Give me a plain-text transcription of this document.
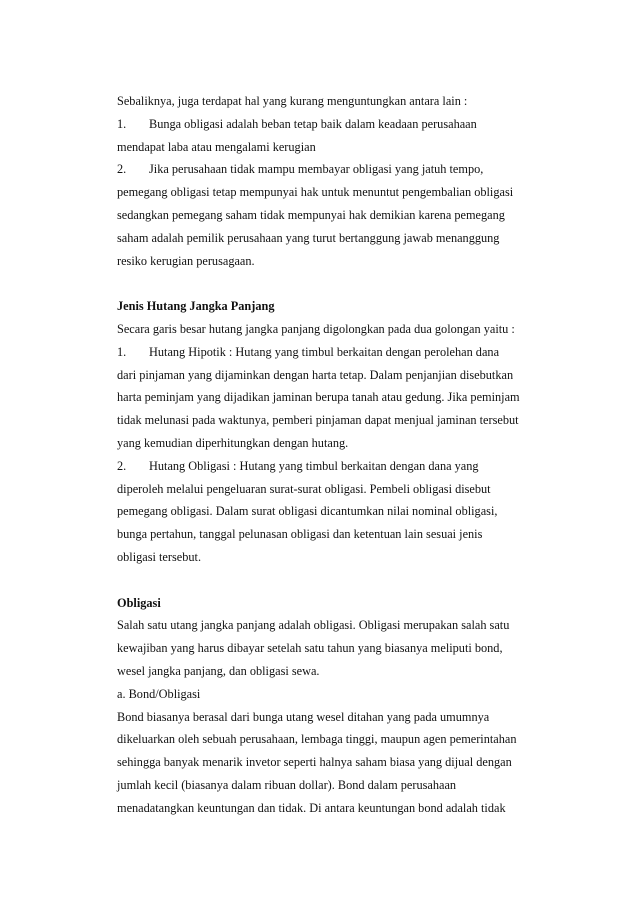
Sebaliknya, juga terdapat hal yang kurang menguntungkan antara lain :
1. Bunga obligasi adalah beban tetap baik dalam keadaan perusahaan
mendapat laba atau mengalami kerugian
2. Jika perusahaan tidak mampu membayar obligasi yang jatuh tempo,
pemegang obligasi tetap mempunyai hak untuk menuntut pengembalian obligasi
sedangkan pemegang saham tidak mempunyai hak demikian karena pemegang
saham adalah pemilik perusahaan yang turut bertanggung jawab menanggung
resiko kerugian perusagaan.
Jenis Hutang Jangka Panjang
Secara garis besar hutang jangka panjang digolongkan pada dua golongan yaitu :
1. Hutang Hipotik : Hutang yang timbul berkaitan dengan perolehan dana
dari pinjaman yang dijaminkan dengan harta tetap. Dalam penjanjian disebutkan
harta peminjam yang dijadikan jaminan berupa tanah atau gedung. Jika peminjam
tidak melunasi pada waktunya, pemberi pinjaman dapat menjual jaminan tersebut
yang kemudian diperhitungkan dengan hutang.
2. Hutang Obligasi : Hutang yang timbul berkaitan dengan dana yang
diperoleh melalui pengeluaran surat-surat obligasi. Pembeli obligasi disebut
pemegang obligasi. Dalam surat obligasi dicantumkan nilai nominal obligasi,
bunga pertahun, tanggal pelunasan obligasi dan ketentuan lain sesuai jenis
obligasi tersebut.
Obligasi
Salah satu utang jangka panjang adalah obligasi. Obligasi merupakan salah satu
kewajiban yang harus dibayar setelah satu tahun yang biasanya meliputi bond,
wesel jangka panjang, dan obligasi sewa.
a. Bond/Obligasi
Bond biasanya berasal dari bunga utang wesel ditahan yang pada umumnya
dikeluarkan oleh sebuah perusahaan, lembaga tinggi, maupun agen pemerintahan
sehingga banyak menarik invetor seperti halnya saham biasa yang dijual dengan
jumlah kecil (biasanya dalam ribuan dollar). Bond dalam perusahaan
menadatangkan keuntungan dan tidak. Di antara keuntungan bond adalah tidak
